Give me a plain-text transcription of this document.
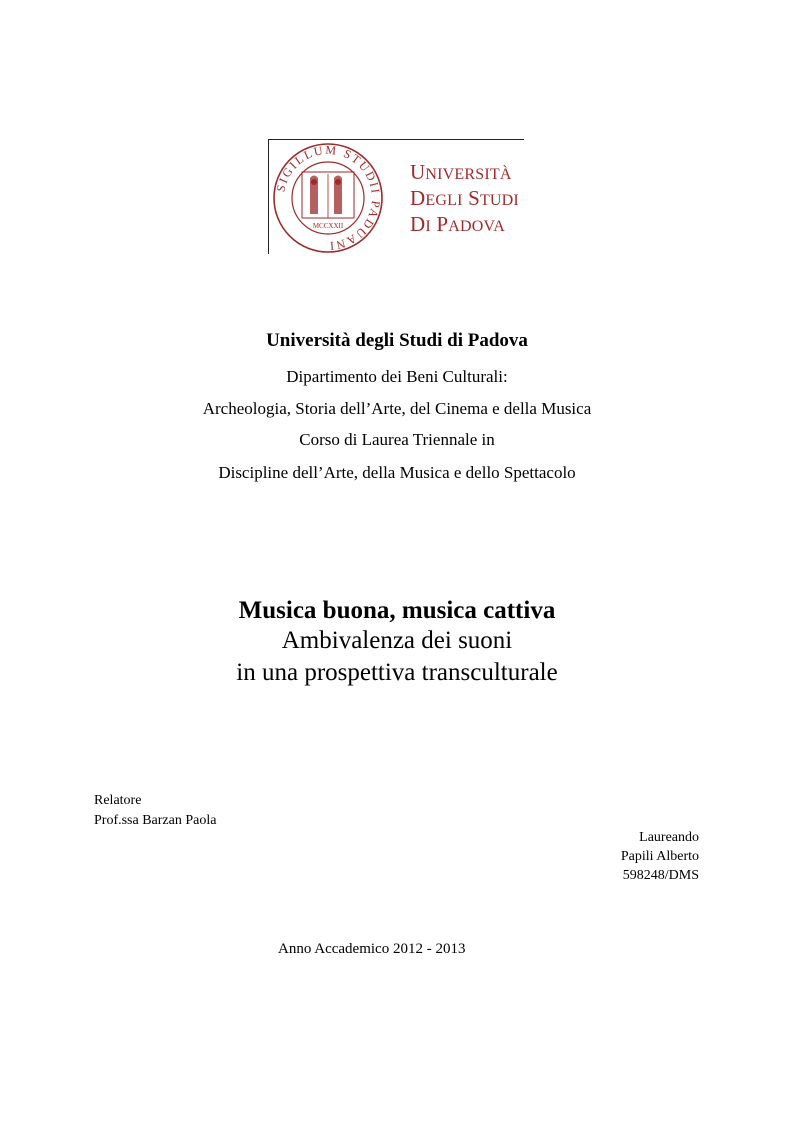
SIGILLUM STUDII PADUANI
MCCXXII
UNIVERSITÀ
DEGLI STUDI
DI PADOVA
Università degli Studi di Padova
Dipartimento dei Beni Culturali:
Archeologia, Storia dell’Arte, del Cinema e della Musica
Corso di Laurea Triennale in
Discipline dell’Arte, della Musica e dello Spettacolo
Musica buona, musica cattiva
Ambivalenza dei suoni
in una prospettiva transculturale
Relatore
Prof.ssa Barzan Paola
Laureando
Papili Alberto
598248/DMS
Anno Accademico 2012 - 2013
